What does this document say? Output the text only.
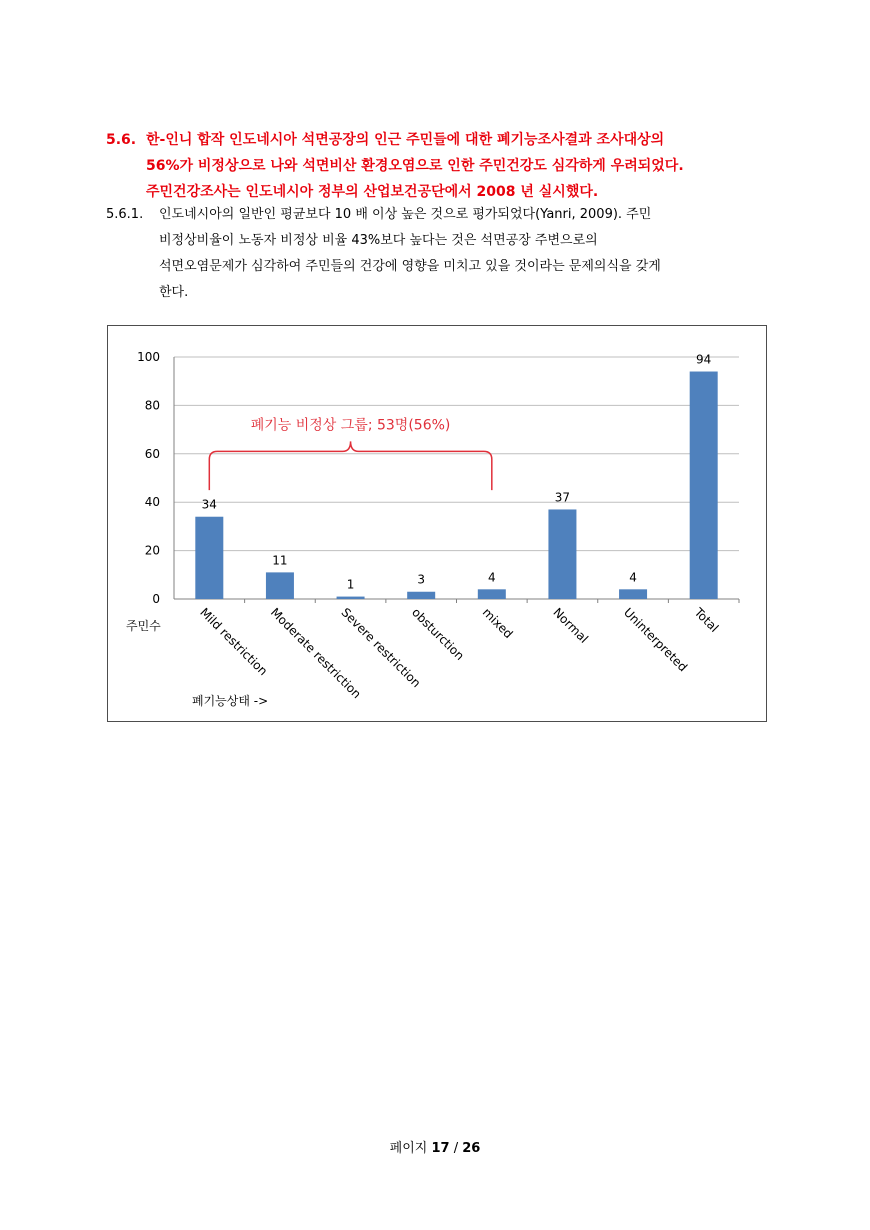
5.6. 한-인니 합작 인도네시아 석면공장의 인근 주민들에 대한 폐기능조사결과 조사대상의
56%가 비정상으로 나와 석면비산 환경오염으로 인한 주민건강도 심각하게 우려되었다.
주민건강조사는 인도네시아 정부의 산업보건공단에서 2008 년 실시했다.
5.6.1. 인도네시아의 일반인 평균보다 10 배 이상 높은 것으로 평가되었다(Yanri, 2009). 주민
비정상비율이 노동자 비정상 비율 43%보다 높다는 것은 석면공장 주변으로의
석면오염문제가 심각하여 주민들의 건강에 영향을 미치고 있을 것이라는 문제의식을 갖게
한다.
0
20
40
60
80
100
34
Mild restriction
11
Moderate restriction
1
Severe restriction
3
obsturction
4
mixed
37
Normal
4
Uninterpreted
94
Total
주민수
폐기능상태 ->
폐기능 비정상 그룹; 53명(56%)
페이지 17 / 26
